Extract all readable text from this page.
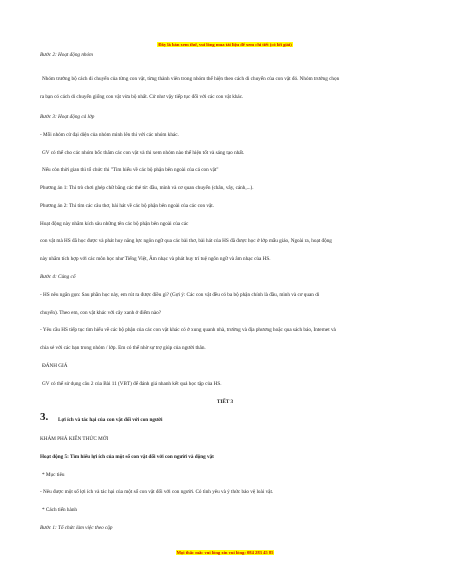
Đây là bản xem thử, vui lòng mua tài liệu để xem chi tiết (có lời giải)
Bước 2: Hoạt động nhóm
Nhóm trưởng bộ cách di chuyển của từng con vật, từng thành viên trong nhóm thể hiện theo cách di chuyển của con vật đó. Nhóm trưởng chọn
ra bạn có cách di chuyển giống con vật vừa bộ nhất. Cử như vậy tiếp tục đổi với các con vật khác.
Bước 3: Hoạt động cả lớp
- Mỗi nhóm cử đại diện của nhóm mình lên thi với các nhóm khác.
GV có thể cho các nhóm bốc thăm các con vật và thi xem nhóm nào thể hiện tốt và sáng tạo nhất.
Nếu còn thời gian thì tổ chức thi "Tìm hiểu về các bộ phận bên ngoài của cá con vật"
Phương án 1: Thi trò chơi ghép chữ bằng các thẻ từ: đầu, mình và cơ quan chuyển (chân, vây, cánh,...).
Phương án 2: Thi tìm các câu thơ, bài hát về các bộ phận bên ngoài của các con vật.
Hoạt động này nhằm kích sâu những tên các bộ phận bên ngoài của các
con vật mà HS đã học được và phát huy năng lực ngôn ngữ qua các bài thơ, bài hát của HS đã được học ở lớp mẫu giáo, Ngoài ra, hoạt động
này nhằm tích hợp với các môn học như Tiếng Việt, Âm nhạc và phát huy trí tuệ ngôn ngữ và âm nhạc của HS.
Bước 4: Củng cố
- HS nêu ngắn gọn: Sau phần học này, em rút ra được điều gì? (Gợi ý: Các con vật đều có ba bộ phận chính là đầu, mình và cơ quan di
chuyển). Theo em, con vật khác với cây xanh ở điểm nào?
- Yêu cầu HS tiếp tục tìm hiểu về các bộ phận của các con vật khác có ở xung quanh nhà, trường và địa phương hoặc qua sách báo, Internet và
chia sẻ với các bạn trong nhóm / lớp. Em có thể nhờ sự trợ giúp của người thân.
ĐÁNH GIÁ
GV có thể sử dụng câu 2 của Bài 11 (VBT) để đánh giá nhanh kết quả học tập của HS.
TIẾT 3
3. Lợi ích và tác hại của con vật đối với con người
KHÁM PHÁ KIẾN THỨC MỚI
Hoạt động 5: Tìm hiểu lợi ích của một số con vật đối với con người và động vật
* Mục tiêu
- Nêu được một số lợi ích và tác hại của một số con vật đối với con người. Có tình yêu và ý thức bảo vệ loài vật.
* Cách tiến hành
Bước 1: Tổ chức làm việc theo cặp
Mọi thắc mắc vui lòng xin vui lòng: 084 283 45 85
